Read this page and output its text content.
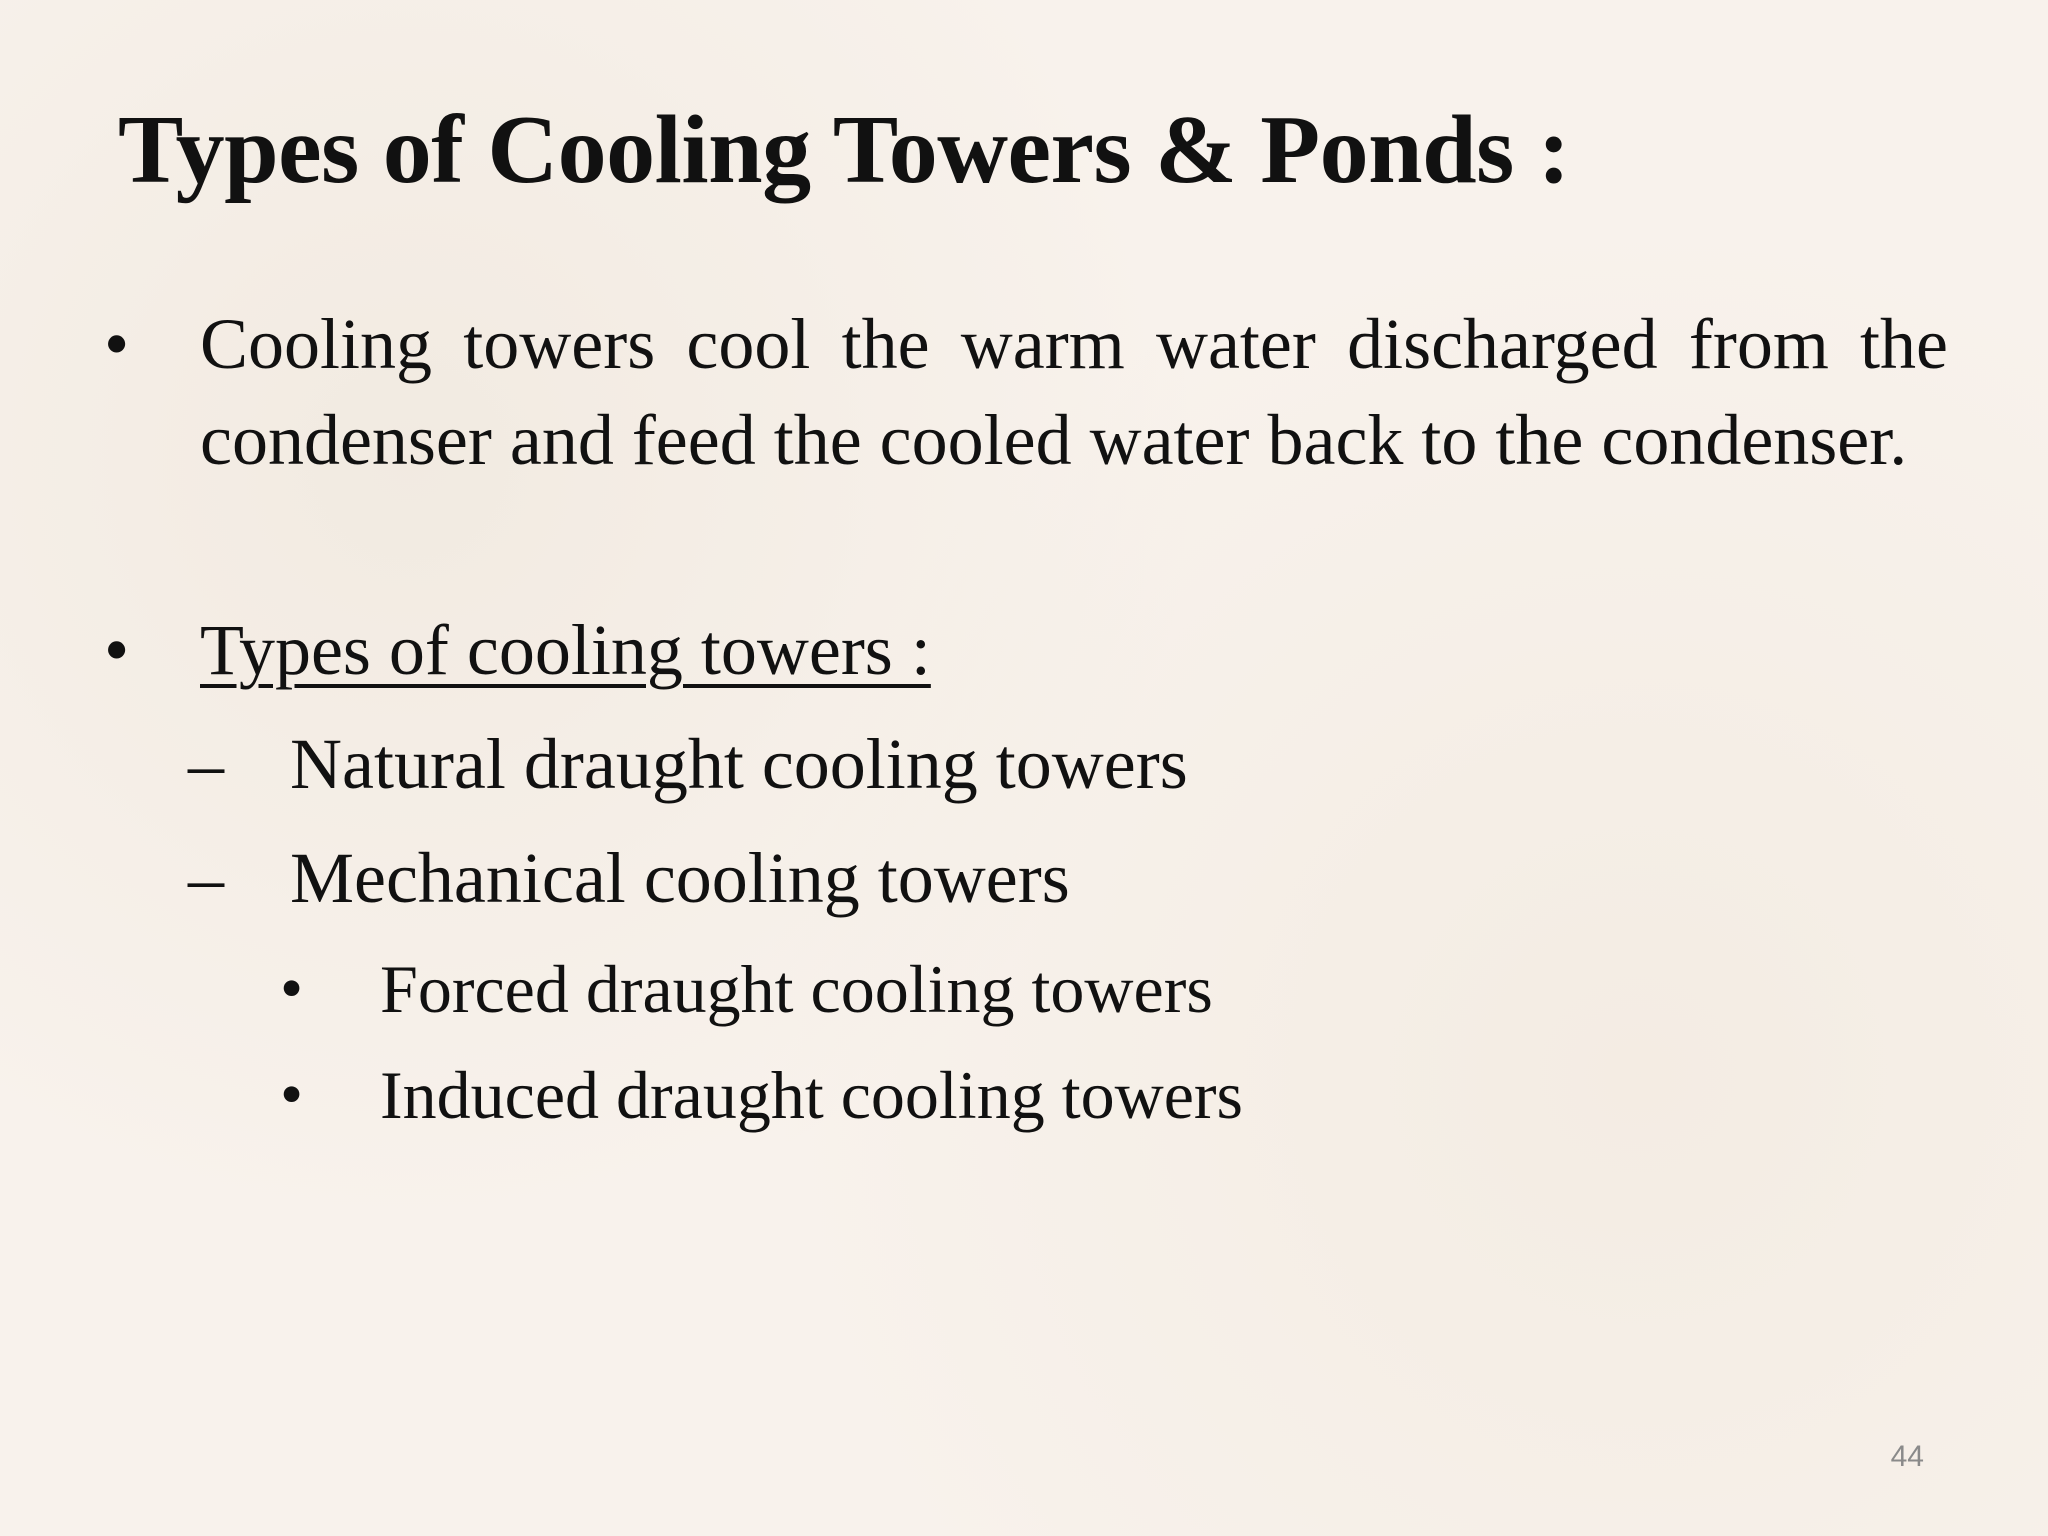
Types of Cooling Towers & Ponds :
• Cooling towers cool the warm water discharged from the condenser and feed the cooled water back to the condenser.
• Types of cooling towers :
– Natural draught cooling towers
– Mechanical cooling towers
• Forced draught cooling towers
• Induced draught cooling towers
44
